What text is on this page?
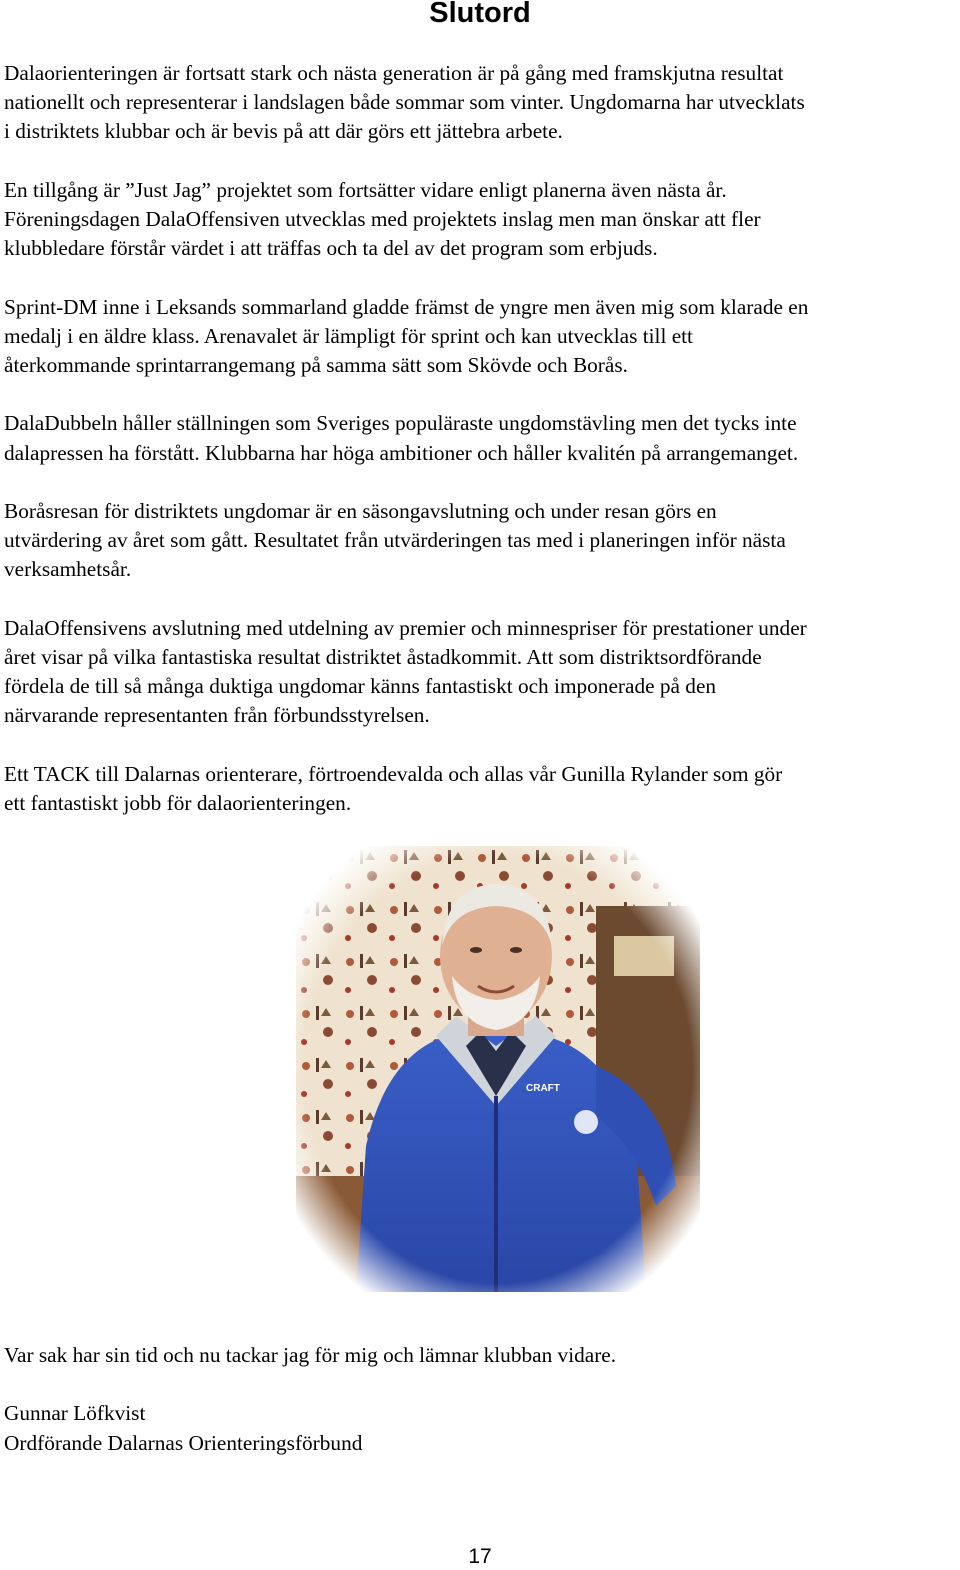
Slutord

Dalaorienteringen är fortsatt stark och nästa generation är på gång med framskjutna resultat
nationellt och representerar i landslagen både sommar som vinter. Ungdomarna har utvecklats
i distriktets klubbar och är bevis på att där görs ett jättebra arbete.

En tillgång är ”Just Jag” projektet som fortsätter vidare enligt planerna även nästa år.
Föreningsdagen DalaOffensiven utvecklas med projektets inslag men man önskar att fler
klubbledare förstår värdet i att träffas och ta del av det program som erbjuds.

Sprint-DM inne i Leksands sommarland gladde främst de yngre men även mig som klarade en
medalj i en äldre klass. Arenavalet är lämpligt för sprint och kan utvecklas till ett
återkommande sprintarrangemang på samma sätt som Skövde och Borås.

DalaDubbeln håller ställningen som Sveriges populäraste ungdomstävling men det tycks inte
dalapressen ha förstått. Klubbarna har höga ambitioner och håller kvalitén på arrangemanget.

Boråsresan för distriktets ungdomar är en säsongavslutning och under resan görs en
utvärdering av året som gått. Resultatet från utvärderingen tas med i planeringen inför nästa
verksamhetsår.

DalaOffensivens avslutning med utdelning av premier och minnespriser för prestationer under
året visar på vilka fantastiska resultat distriktet åstadkommit. Att som distriktsordförande
fördela de till så många duktiga ungdomar känns fantastiskt och imponerade på den
närvarande representanten från förbundsstyrelsen.

Ett TACK till Dalarnas orienterare, förtroendevalda och allas vår Gunilla Rylander som gör
ett fantastiskt jobb för dalaorienteringen.

Var sak har sin tid och nu tackar jag för mig och lämnar klubban vidare.

Gunnar Löfkvist
Ordförande Dalarnas Orienteringsförbund

17
